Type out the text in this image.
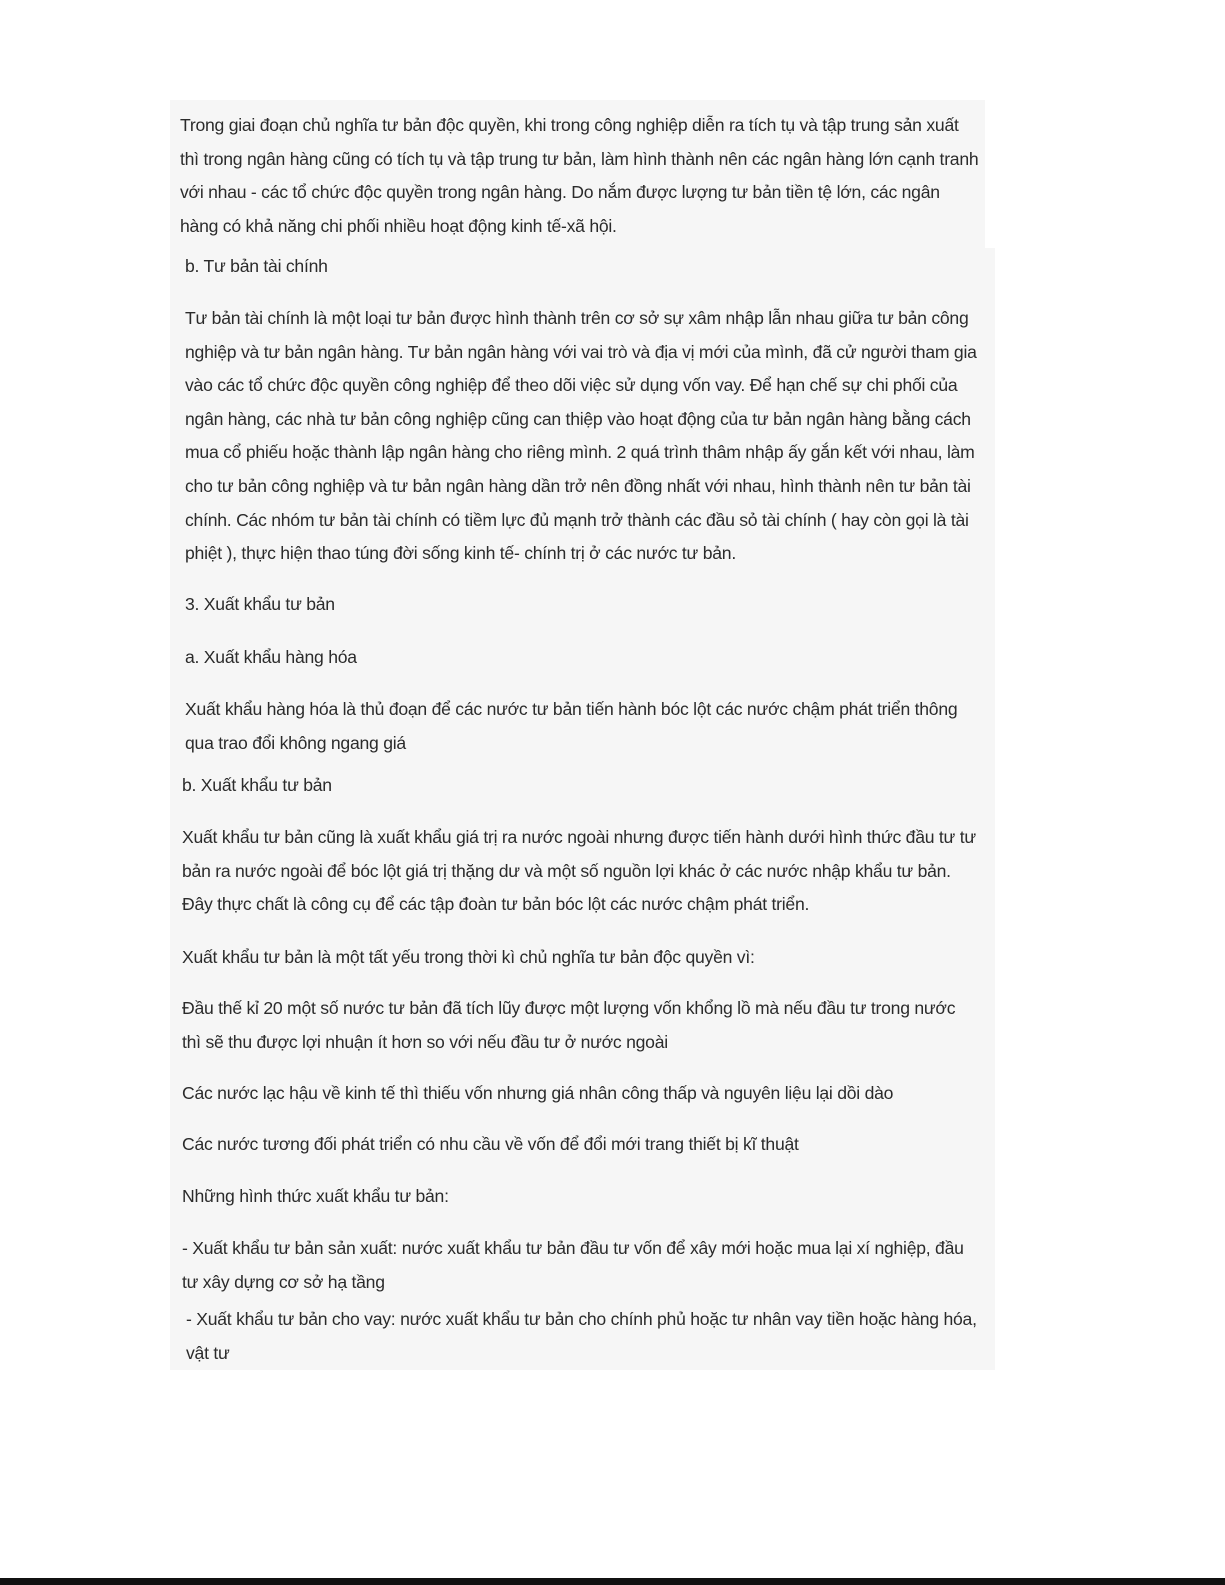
Trong giai đoạn chủ nghĩa tư bản độc quyền, khi trong công nghiệp diễn ra tích tụ và tập trung sản xuất
thì trong ngân hàng cũng có tích tụ và tập trung tư bản, làm hình thành nên các ngân hàng lớn cạnh tranh
với nhau - các tổ chức độc quyền trong ngân hàng. Do nắm được lượng tư bản tiền tệ lớn, các ngân
hàng có khả năng chi phối nhiều hoạt động kinh tế-xã hội.
b. Tư bản tài chính
Tư bản tài chính là một loại tư bản được hình thành trên cơ sở sự xâm nhập lẫn nhau giữa tư bản công
nghiệp và tư bản ngân hàng. Tư bản ngân hàng với vai trò và địa vị mới của mình, đã cử người tham gia
vào các tổ chức độc quyền công nghiệp để theo dõi việc sử dụng vốn vay. Để hạn chế sự chi phối của
ngân hàng, các nhà tư bản công nghiệp cũng can thiệp vào hoạt động của tư bản ngân hàng bằng cách
mua cổ phiếu hoặc thành lập ngân hàng cho riêng mình. 2 quá trình thâm nhập ấy gắn kết với nhau, làm
cho tư bản công nghiệp và tư bản ngân hàng dần trở nên đồng nhất với nhau, hình thành nên tư bản tài
chính. Các nhóm tư bản tài chính có tiềm lực đủ mạnh trở thành các đầu sỏ tài chính ( hay còn gọi là tài
phiệt ), thực hiện thao túng đời sống kinh tế- chính trị ở các nước tư bản.
3. Xuất khẩu tư bản
a. Xuất khẩu hàng hóa
Xuất khẩu hàng hóa là thủ đoạn để các nước tư bản tiến hành bóc lột các nước chậm phát triển thông
qua trao đổi không ngang giá
b. Xuất khẩu tư bản
Xuất khẩu tư bản cũng là xuất khẩu giá trị ra nước ngoài nhưng được tiến hành dưới hình thức đầu tư tư
bản ra nước ngoài để bóc lột giá trị thặng dư và một số nguồn lợi khác ở các nước nhập khẩu tư bản.
Đây thực chất là công cụ để các tập đoàn tư bản bóc lột các nước chậm phát triển.
Xuất khẩu tư bản là một tất yếu trong thời kì chủ nghĩa tư bản độc quyền vì:
Đầu thế kỉ 20 một số nước tư bản đã tích lũy được một lượng vốn khổng lồ mà nếu đầu tư trong nước
thì sẽ thu được lợi nhuận ít hơn so với nếu đầu tư ở nước ngoài
Các nước lạc hậu về kinh tế thì thiếu vốn nhưng giá nhân công thấp và nguyên liệu lại dồi dào
Các nước tương đối phát triển có nhu cầu về vốn để đổi mới trang thiết bị kĩ thuật
Những hình thức xuất khẩu tư bản:
- Xuất khẩu tư bản sản xuất: nước xuất khẩu tư bản đầu tư vốn để xây mới hoặc mua lại xí nghiệp, đầu
tư xây dựng cơ sở hạ tầng
- Xuất khẩu tư bản cho vay: nước xuất khẩu tư bản cho chính phủ hoặc tư nhân vay tiền hoặc hàng hóa,
vật tư
